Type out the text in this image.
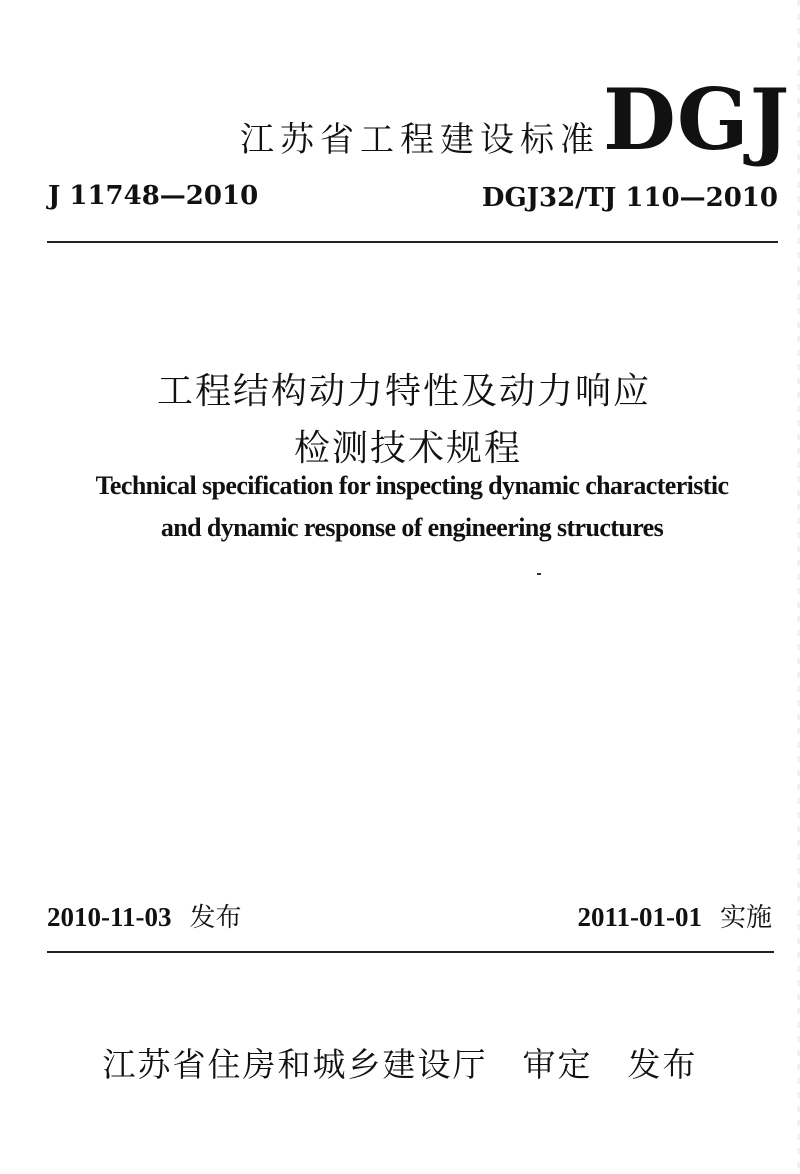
江苏省工程建设标准 DGJ
J 11748—2010	DGJ32/TJ 110—2010
工程结构动力特性及动力响应
检测技术规程
Technical specification for inspecting dynamic characteristic
and dynamic response of engineering structures
2010-11-03 发布	2011-01-01 实施
江苏省住房和城乡建设厅　审定　发布
